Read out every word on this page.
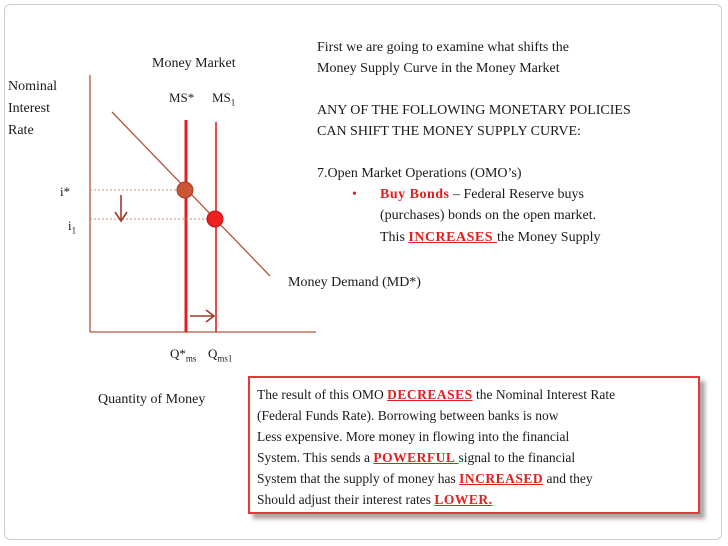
Money Market
Nominal
Interest
Rate
MS* $MS_1$
i*
$i_1$
Money Demand (MD*)
$Q*_{ms}$ $Q_{ms1}$
Quantity of Money
First we are going to examine what shifts the
Money Supply Curve in the Money Market
ANY OF THE FOLLOWING MONETARY POLICIES
CAN SHIFT THE MONEY SUPPLY CURVE:
7.Open Market Operations (OMO’s)
• Buy Bonds – Federal Reserve buys
(purchases) bonds on the open market.
This INCREASES the Money Supply
The result of this OMO DECREASES the Nominal Interest Rate
(Federal Funds Rate). Borrowing between banks is now
Less expensive. More money in flowing into the financial
System. This sends a POWERFUL signal to the financial
System that the supply of money has INCREASED and they
Should adjust their interest rates LOWER.
